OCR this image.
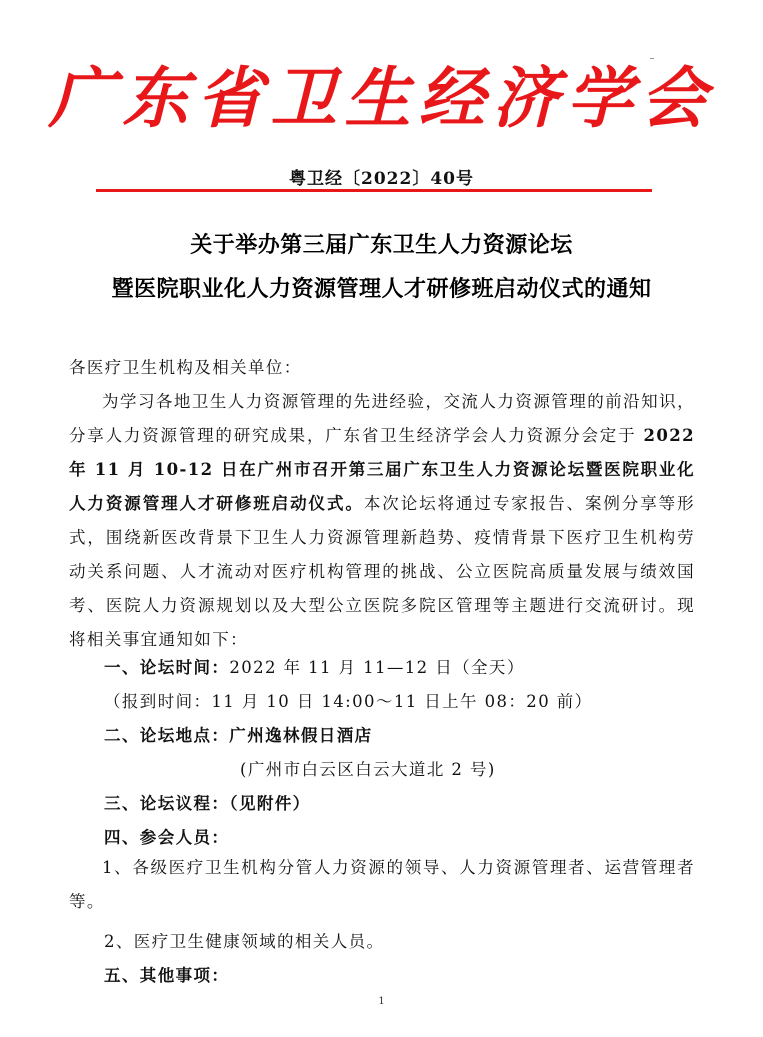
广东省卫生经济学会
粤卫经〔2022〕40号
关于举办第三届广东卫生人力资源论坛
暨医院职业化人力资源管理人才研修班启动仪式的通知
各医疗卫生机构及相关单位：
为学习各地卫生人力资源管理的先进经验，交流人力资源管理的前沿知识，分享人力资源管理的研究成果，广东省卫生经济学会人力资源分会定于 2022 年 11 月 10-12 日在广州市召开第三届广东卫生人力资源论坛暨医院职业化人力资源管理人才研修班启动仪式。本次论坛将通过专家报告、案例分享等形式，围绕新医改背景下卫生人力资源管理新趋势、疫情背景下医疗卫生机构劳动关系问题、人才流动对医疗机构管理的挑战、公立医院高质量发展与绩效国考、医院人力资源规划以及大型公立医院多院区管理等主题进行交流研讨。现将相关事宜通知如下：
一、论坛时间：2022 年 11 月 11—12 日（全天）
（报到时间：11 月 10 日 14:00～11 日上午 08：20 前）
二、论坛地点：广州逸林假日酒店
(广州市白云区白云大道北 2 号)
三、论坛议程：（见附件）
四、参会人员：
1、各级医疗卫生机构分管人力资源的领导、人力资源管理者、运营管理者等。
2、医疗卫生健康领域的相关人员。
五、其他事项：
1
